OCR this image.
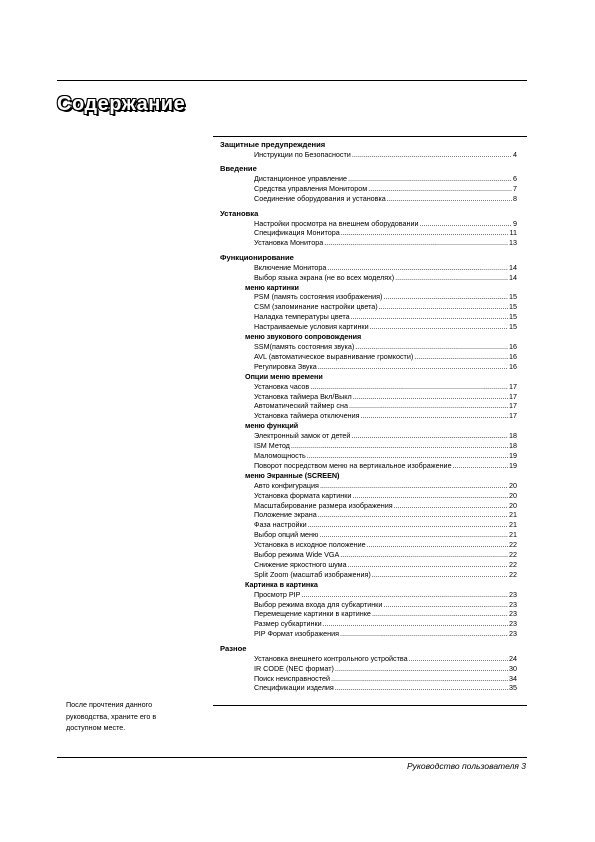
Содержание
Защитные предупреждения
Инструкции по Безопасности .....	4
Введение
Дистанционное управление .....	6
Средства управления Монитором .....	7
Соединение оборудования и установка .....	8
Установка
Настройки просмотра на внешнем оборудовании .....	9
Спецификация Монитора .....	11
Установка Монитора .....	13
Функционирование
Включение Монитора .....	14
Выбор языка экрана (не во всех моделях) .....	14
меню картинки
PSM (память состояния изображения) .....	15
CSM (запоминание настройки цвета) .....	15
Наладка температуры цвета .....	15
Настраиваемые условия картинки .....	15
меню звукового сопровождения
SSM(память состояния звука) .....	16
AVL (автоматическое выравнивание громкости) .....	16
Регулировка Звука .....	16
Опции меню времени
Установка часов .....	17
Установка таймера Вкл/Выкл .....	17
Автоматический таймер сна .....	17
Установка таймера отключения .....	17
меню функций
Электронный замок от детей .....	18
ISM Метод .....	18
Маломощность .....	19
Поворот посредством меню на вертикальное изображение .....	19
меню Экранные (SCREEN)
Авто конфигурация .....	20
Установка формата картинки .....	20
Масштабирование размера изображения .....	20
Положение экрана .....	21
Фаза настройки .....	21
Выбор опций меню .....	21
Установка в исходное положение .....	22
Выбор режима Wide VGA .....	22
Снижение яркостного шума .....	22
Split Zoom (масштаб изображения) .....	22
Картинка в картинка
Просмотр PIP .....	23
Выбор режима входа для субкартинки .....	23
Перемещение картинки в картинке .....	23
Размер субкартинки .....	23
PIP Формат изображения .....	23
Разное
Установка внешнего контрольного устройства .....	24
IR CODE (NEC формат) .....	30
Поиск неисправностей .....	34
Спецификации изделия .....	35
После прочтения данного руководства, храните его в доступном месте.
Руководство пользователя 3
